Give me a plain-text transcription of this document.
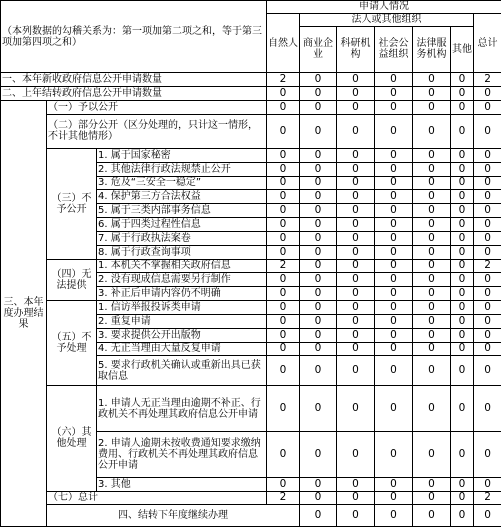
（本列数据的勾稽关系为：第一项加第二项之和，等于第三项加第四项之和）			申请人情况							
			自然人	法人或其他组织					总计	
				商业企业	科研机构	社会公益组织	法律服务机构	其他		
一、本年新收政府信息公开申请数量			2	0	0	0	0	0	2	
二、上年结转政府信息公开申请数量			0	0	0	0	0	0	0	
三、本年度办理结果	（一）予以公开		0	0	0	0	0	0	0	
	（二）部分公开（区分处理的，只计这一情形，不计其他情形）		0	0	0	0	0	0	0	
	（三）不予公开	1. 属于国家秘密	0	0	0	0	0	0	0	
		2. 其他法律行政法规禁止公开	0	0	0	0	0	0	0	
		3. 危及“三安全一稳定”	0	0	0	0	0	0	0	
		4. 保护第三方合法权益	0	0	0	0	0	0	0	
		5. 属于三类内部事务信息	0	0	0	0	0	0	0	
		6. 属于四类过程性信息	0	0	0	0	0	0	0	
		7. 属于行政执法案卷	0	0	0	0	0	0	0	
		8. 属于行政查询事项	0	0	0	0	0	0	0	
	（四）无法提供	1. 本机关不掌握相关政府信息	2	0	0	0	0	0	2	
		2. 没有现成信息需要另行制作	0	0	0	0	0	0	0	
		3. 补正后申请内容仍不明确	0	0	0	0	0	0	0	
	（五）不予处理	1. 信访举报投诉类申请	0	0	0	0	0	0	0	
		2. 重复申请	0	0	0	0	0	0	0	
		3. 要求提供公开出版物	0	0	0	0	0	0	0	
		4. 无正当理由大量反复申请	0	0	0	0	0	0	0	
		5. 要求行政机关确认或重新出具已获取信息	0	0	0	0	0	0	0	
	（六）其他处理	1. 申请人无正当理由逾期不补正、行政机关不再处理其政府信息公开申请	0	0	0	0	0	0	0	
		2. 申请人逾期未按收费通知要求缴纳费用、行政机关不再处理其政府信息公开申请	0	0	0	0	0	0	0	
		3. 其他	0	0	0	0	0	0	0	
	（七）总计		2	0	0	0	0	0	2	
	四、结转下年度继续办理			0	0	0	0	0	0	
